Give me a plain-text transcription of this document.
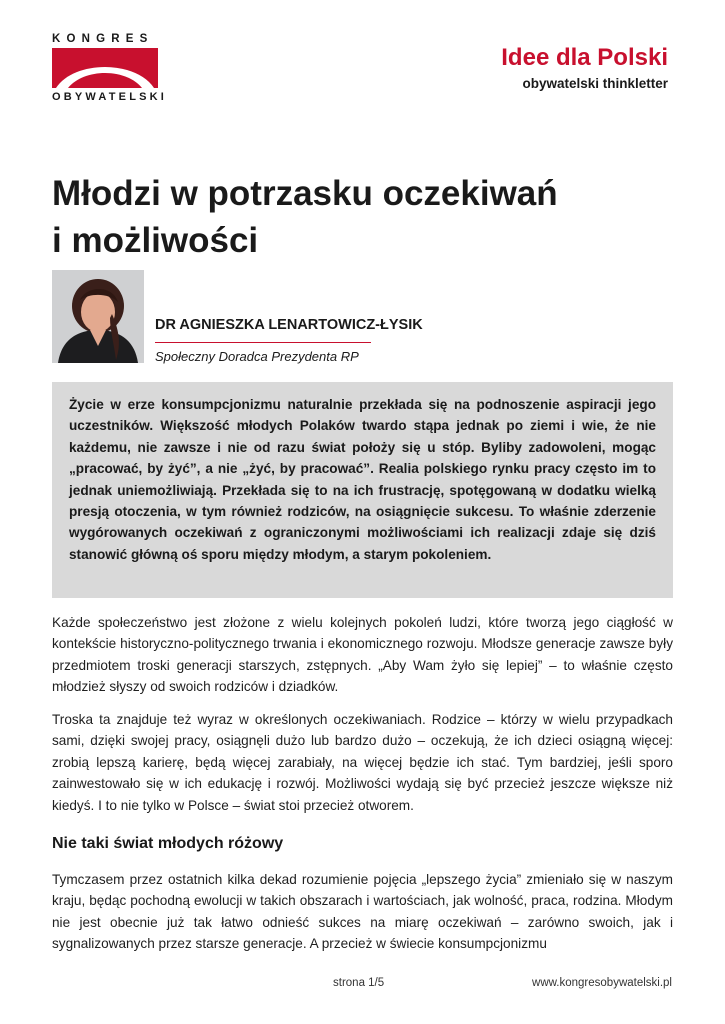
KONGRES
OBYWATELSKI
Idee dla Polski
obywatelski thinkletter
Młodzi w potrzasku oczekiwań
i możliwości
DR AGNIESZKA LENARTOWICZ-ŁYSIK
Społeczny Doradca Prezydenta RP
Życie w erze konsumpcjonizmu naturalnie przekłada się na podnoszenie aspiracji jego uczestników. Większość młodych Polaków twardo stąpa jednak po ziemi i wie, że nie każdemu, nie zawsze i nie od razu świat położy się u stóp. Byliby zadowoleni, mogąc „pracować, by żyć”, a nie „żyć, by pracować”. Realia polskiego rynku pracy często im to jednak uniemożliwiają. Przekłada się to na ich frustrację, spotęgowaną w dodatku wielką presją otoczenia, w tym również rodziców, na osiągnięcie sukcesu. To właśnie zderzenie wygórowanych oczekiwań z ograniczonymi możliwościami ich realizacji zdaje się dziś stanowić główną oś sporu między młodym, a starym pokoleniem.

Każde społeczeństwo jest złożone z wielu kolejnych pokoleń ludzi, które tworzą jego ciągłość w kontekście historyczno-politycznego trwania i ekonomicznego rozwoju. Młodsze generacje zawsze były przedmiotem troski generacji starszych, zstępnych. „Aby Wam żyło się lepiej” – to właśnie często młodzież słyszy od swoich rodziców i dziadków.

Troska ta znajduje też wyraz w określonych oczekiwaniach. Rodzice – którzy w wielu przypadkach sami, dzięki swojej pracy, osiągnęli dużo lub bardzo dużo – oczekują, że ich dzieci osiągną więcej: zrobią lepszą karierę, będą więcej zarabiały, na więcej będzie ich stać. Tym bardziej, jeśli sporo zainwestowało się w ich edukację i rozwój. Możliwości wydają się być przecież jeszcze większe niż kiedyś. I to nie tylko w Polsce – świat stoi przecież otworem.

Nie taki świat młodych różowy

Tymczasem przez ostatnich kilka dekad rozumienie pojęcia „lepszego życia” zmieniało się w naszym kraju, będąc pochodną ewolucji w takich obszarach i wartościach, jak wolność, praca, rodzina. Młodym nie jest obecnie już tak łatwo odnieść sukces na miarę oczekiwań – zarówno swoich, jak i sygnalizowanych przez starsze generacje. A przecież w świecie konsumpcjonizmu

strona 1/5	www.kongresobywatelski.pl
